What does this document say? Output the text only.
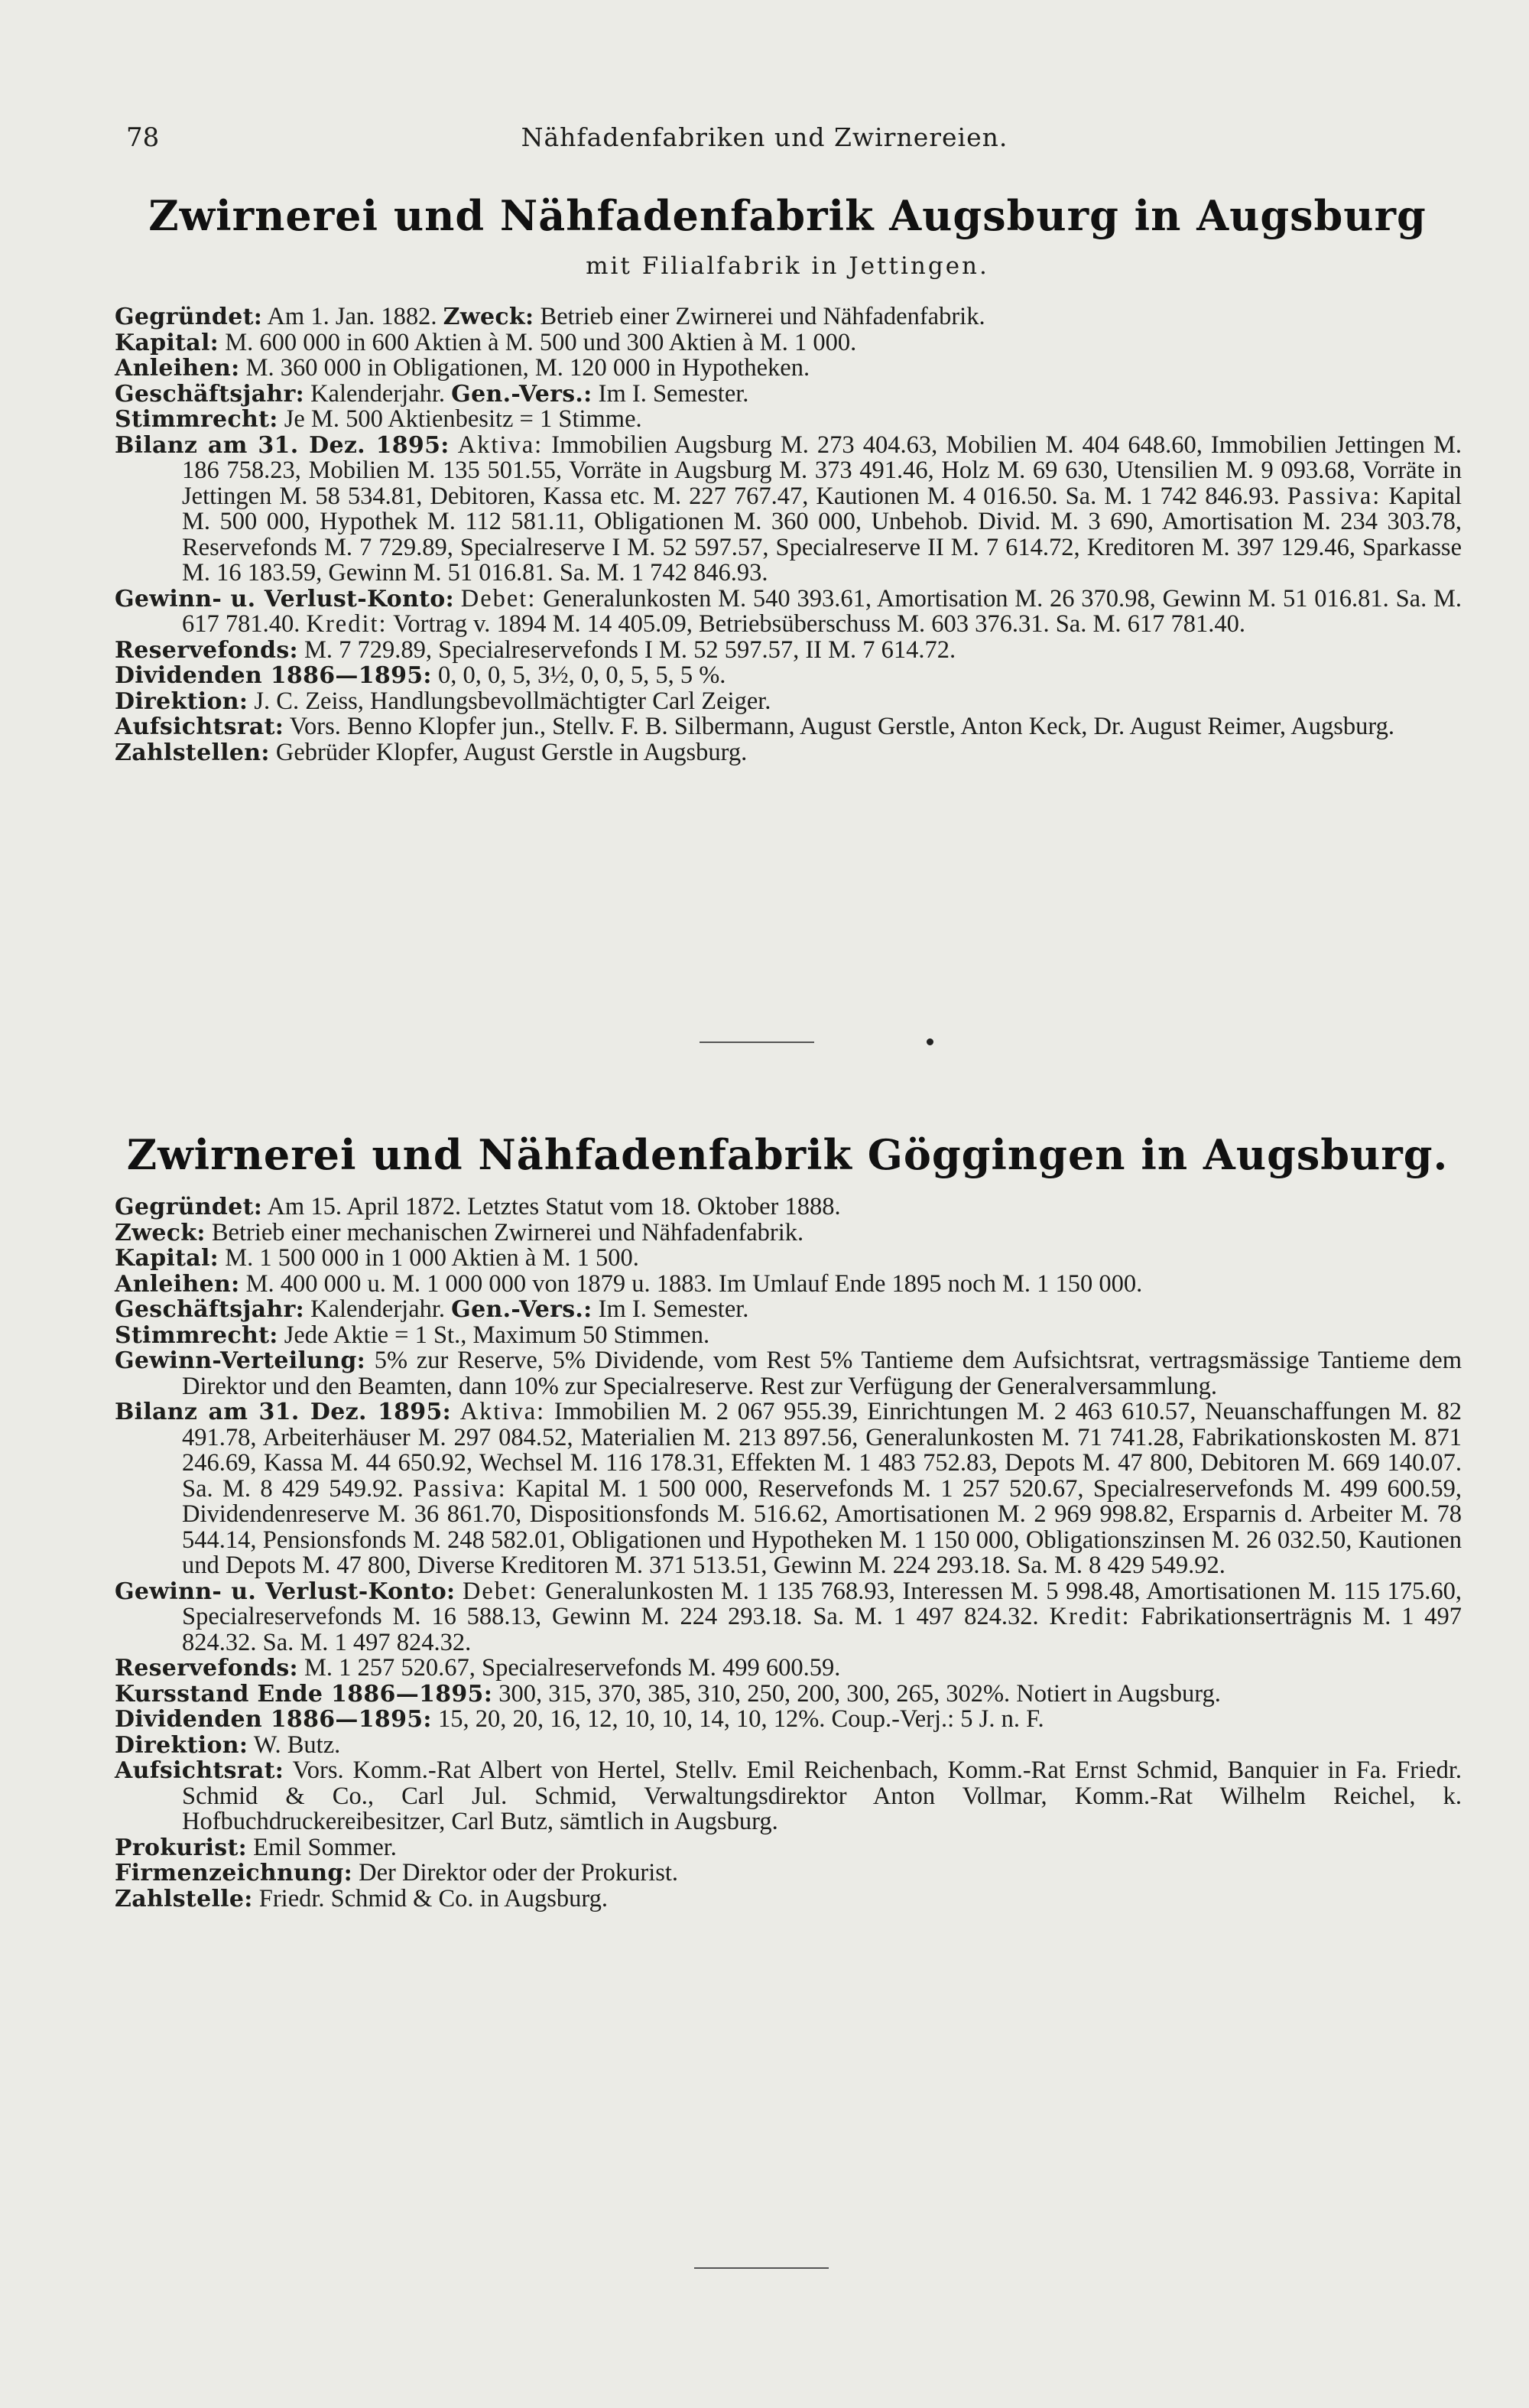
78	Nähfadenfabriken und Zwirnereien.
Zwirnerei und Nähfadenfabrik Augsburg in Augsburg
mit Filialfabrik in Jettingen.

Gegründet: Am 1. Jan. 1882. Zweck: Betrieb einer Zwirnerei und Nähfadenfabrik.

Kapital: M. 600 000 in 600 Aktien à M. 500 und 300 Aktien à M. 1 000.

Anleihen: M. 360 000 in Obligationen, M. 120 000 in Hypotheken.

Geschäftsjahr: Kalenderjahr. Gen.-Vers.: Im I. Semester.

Stimmrecht: Je M. 500 Aktienbesitz = 1 Stimme.

Bilanz am 31. Dez. 1895: Aktiva: Immobilien Augsburg M. 273 404.63, Mobilien M. 404 648.60, Immobilien Jettingen M. 186 758.23, Mobilien M. 135 501.55, Vorräte in Augsburg M. 373 491.46, Holz M. 69 630, Utensilien M. 9 093.68, Vorräte in Jettingen M. 58 534.81, Debitoren, Kassa etc. M. 227 767.47, Kautionen M. 4 016.50. Sa. M. 1 742 846.93. Passiva: Kapital M. 500 000, Hypothek M. 112 581.11, Obligationen M. 360 000, Unbehob. Divid. M. 3 690, Amortisation M. 234 303.78, Reservefonds M. 7 729.89, Specialreserve I M. 52 597.57, Specialreserve II M. 7 614.72, Kreditoren M. 397 129.46, Sparkasse M. 16 183.59, Gewinn M. 51 016.81. Sa. M. 1 742 846.93.

Gewinn- u. Verlust-Konto: Debet: Generalunkosten M. 540 393.61, Amortisation M. 26 370.98, Gewinn M. 51 016.81. Sa. M. 617 781.40. Kredit: Vortrag v. 1894 M. 14 405.09, Betriebsüberschuss M. 603 376.31. Sa. M. 617 781.40.

Reservefonds: M. 7 729.89, Specialreservefonds I M. 52 597.57, II M. 7 614.72.

Dividenden 1886—1895: 0, 0, 0, 5, 3½, 0, 0, 5, 5, 5 %.

Direktion: J. C. Zeiss, Handlungsbevollmächtigter Carl Zeiger.

Aufsichtsrat: Vors. Benno Klopfer jun., Stellv. F. B. Silbermann, August Gerstle, Anton Keck, Dr. August Reimer, Augsburg.

Zahlstellen: Gebrüder Klopfer, August Gerstle in Augsburg.

Zwirnerei und Nähfadenfabrik Göggingen in Augsburg.

Gegründet: Am 15. April 1872. Letztes Statut vom 18. Oktober 1888.

Zweck: Betrieb einer mechanischen Zwirnerei und Nähfadenfabrik.

Kapital: M. 1 500 000 in 1 000 Aktien à M. 1 500.

Anleihen: M. 400 000 u. M. 1 000 000 von 1879 u. 1883. Im Umlauf Ende 1895 noch M. 1 150 000.

Geschäftsjahr: Kalenderjahr. Gen.-Vers.: Im I. Semester.

Stimmrecht: Jede Aktie = 1 St., Maximum 50 Stimmen.

Gewinn-Verteilung: 5% zur Reserve, 5% Dividende, vom Rest 5% Tantieme dem Aufsichtsrat, vertragsmässige Tantieme dem Direktor und den Beamten, dann 10% zur Specialreserve. Rest zur Verfügung der Generalversammlung.

Bilanz am 31. Dez. 1895: Aktiva: Immobilien M. 2 067 955.39, Einrichtungen M. 2 463 610.57, Neuanschaffungen M. 82 491.78, Arbeiterhäuser M. 297 084.52, Materialien M. 213 897.56, Generalunkosten M. 71 741.28, Fabrikationskosten M. 871 246.69, Kassa M. 44 650.92, Wechsel M. 116 178.31, Effekten M. 1 483 752.83, Depots M. 47 800, Debitoren M. 669 140.07. Sa. M. 8 429 549.92. Passiva: Kapital M. 1 500 000, Reservefonds M. 1 257 520.67, Specialreservefonds M. 499 600.59, Dividendenreserve M. 36 861.70, Dispositionsfonds M. 516.62, Amortisationen M. 2 969 998.82, Ersparnis d. Arbeiter M. 78 544.14, Pensionsfonds M. 248 582.01, Obligationen und Hypotheken M. 1 150 000, Obligationszinsen M. 26 032.50, Kautionen und Depots M. 47 800, Diverse Kreditoren M. 371 513.51, Gewinn M. 224 293.18. Sa. M. 8 429 549.92.

Gewinn- u. Verlust-Konto: Debet: Generalunkosten M. 1 135 768.93, Interessen M. 5 998.48, Amortisationen M. 115 175.60, Specialreservefonds M. 16 588.13, Gewinn M. 224 293.18. Sa. M. 1 497 824.32. Kredit: Fabrikationserträgnis M. 1 497 824.32. Sa. M. 1 497 824.32.

Reservefonds: M. 1 257 520.67, Specialreservefonds M. 499 600.59.

Kursstand Ende 1886—1895: 300, 315, 370, 385, 310, 250, 200, 300, 265, 302%. Notiert in Augsburg.

Dividenden 1886—1895: 15, 20, 20, 16, 12, 10, 10, 14, 10, 12%. Coup.-Verj.: 5 J. n. F.

Direktion: W. Butz.

Aufsichtsrat: Vors. Komm.-Rat Albert von Hertel, Stellv. Emil Reichenbach, Komm.-Rat Ernst Schmid, Banquier in Fa. Friedr. Schmid & Co., Carl Jul. Schmid, Verwaltungsdirektor Anton Vollmar, Komm.-Rat Wilhelm Reichel, k. Hofbuchdruckereibesitzer, Carl Butz, sämtlich in Augsburg.

Prokurist: Emil Sommer.

Firmenzeichnung: Der Direktor oder der Prokurist.

Zahlstelle: Friedr. Schmid & Co. in Augsburg.
